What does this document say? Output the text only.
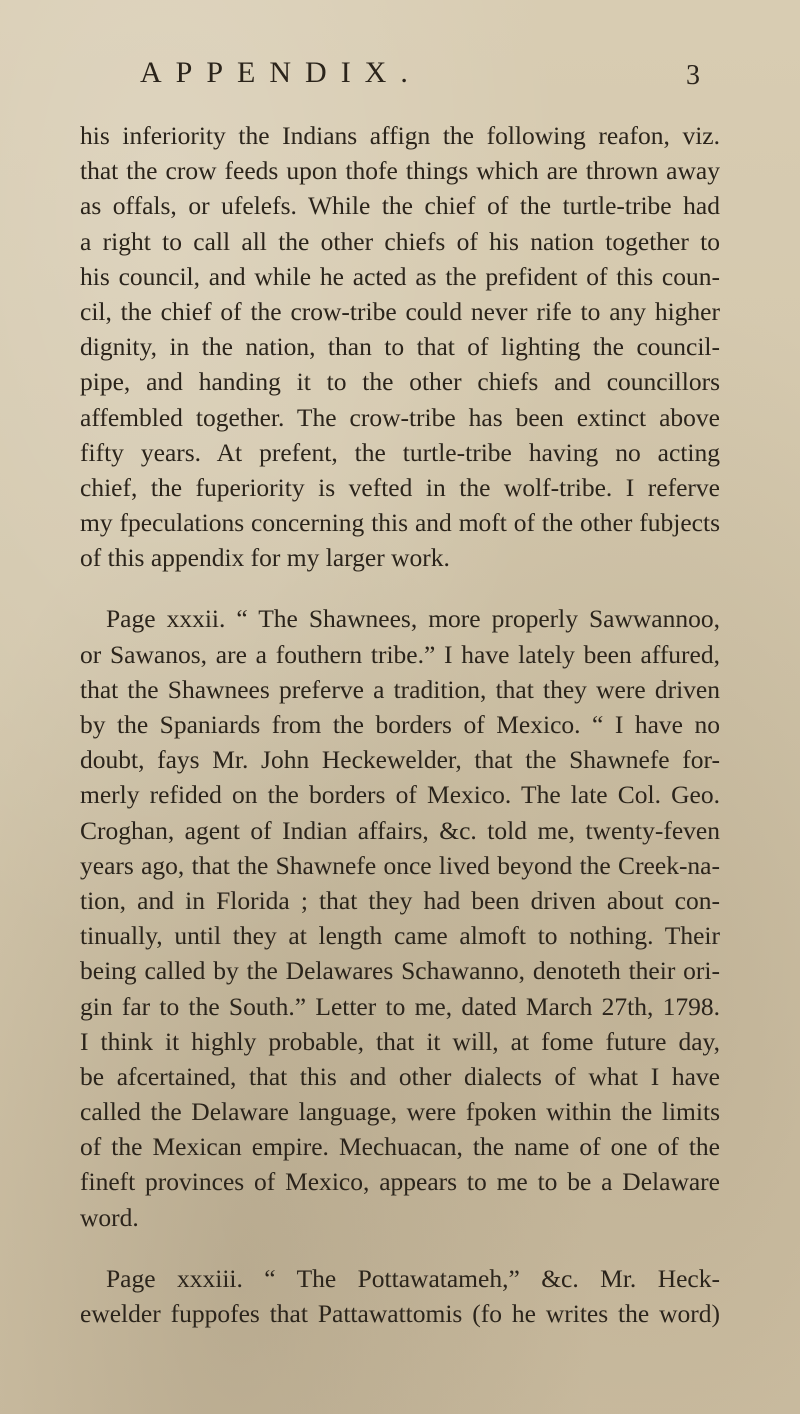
APPENDIX.	3
his inferiority the Indians affign the following reafon, viz.
that the crow feeds upon thofe things which are thrown away
as offals, or ufelefs. While the chief of the turtle-tribe had
a right to call all the other chiefs of his nation together to
his council, and while he acted as the prefident of this coun-
cil, the chief of the crow-tribe could never rife to any higher
dignity, in the nation, than to that of lighting the council-
pipe, and handing it to the other chiefs and councillors
affembled together. The crow-tribe has been extinct above
fifty years. At prefent, the turtle-tribe having no acting
chief, the fuperiority is vefted in the wolf-tribe. I referve
my fpeculations concerning this and moft of the other fubjects
of this appendix for my larger work.
Page xxxii. “ The Shawnees, more properly Sawwannoo,
or Sawanos, are a fouthern tribe.” I have lately been affured,
that the Shawnees preferve a tradition, that they were driven
by the Spaniards from the borders of Mexico. “ I have no
doubt, fays Mr. John Heckewelder, that the Shawnefe for-
merly refided on the borders of Mexico. The late Col. Geo.
Croghan, agent of Indian affairs, &c. told me, twenty-feven
years ago, that the Shawnefe once lived beyond the Creek-na-
tion, and in Florida ; that they had been driven about con-
tinually, until they at length came almoft to nothing. Their
being called by the Delawares Schawanno, denoteth their ori-
gin far to the South.” Letter to me, dated March 27th, 1798.
I think it highly probable, that it will, at fome future day,
be afcertained, that this and other dialects of what I have
called the Delaware language, were fpoken within the limits
of the Mexican empire. Mechuacan, the name of one of the
fineft provinces of Mexico, appears to me to be a Delaware
word.
Page xxxiii. “ The Pottawatameh,” &c. Mr. Heck-
ewelder fuppofes that Pattawattomis (fo he writes the word)
